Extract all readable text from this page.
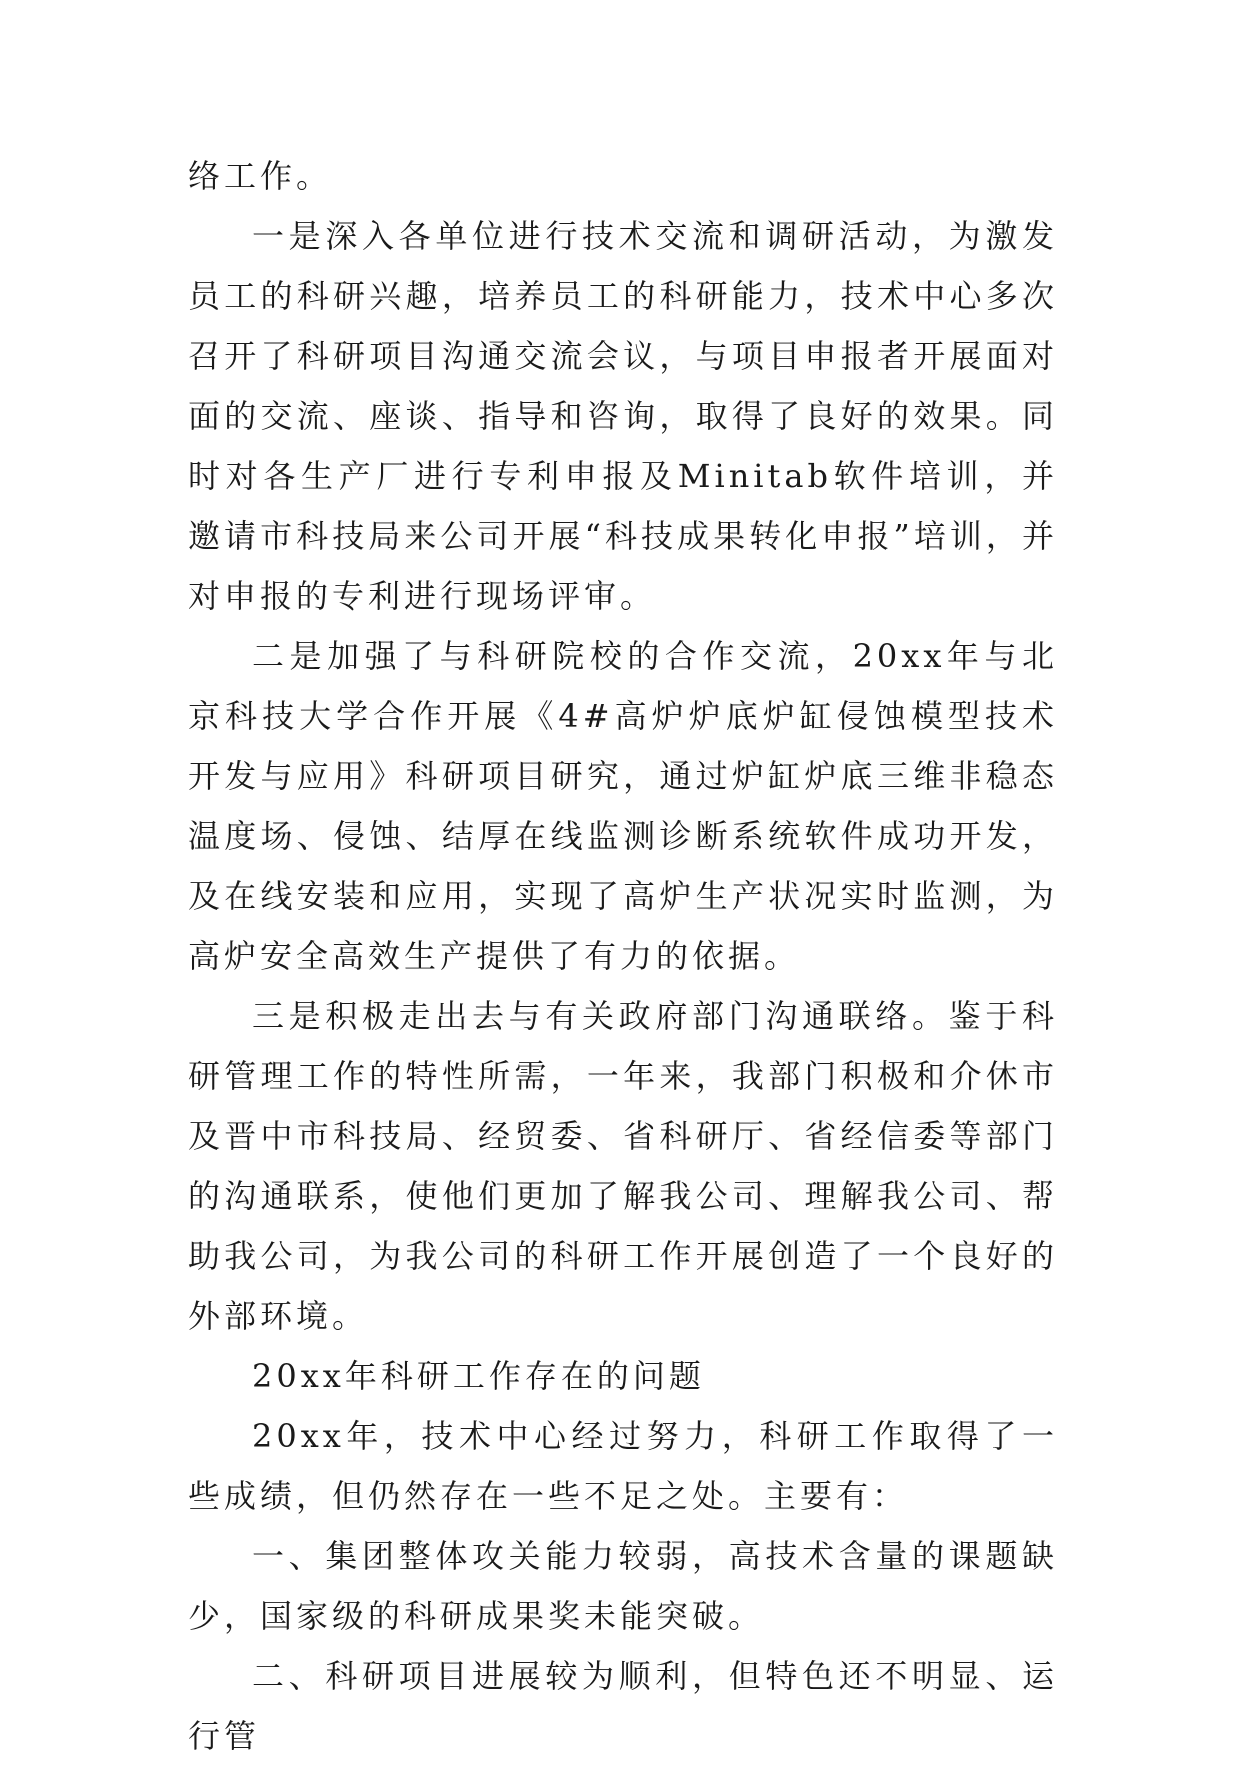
络工作。

一是深入各单位进行技术交流和调研活动，为激发员工的科研兴趣，培养员工的科研能力，技术中心多次召开了科研项目沟通交流会议，与项目申报者开展面对面的交流、座谈、指导和咨询，取得了良好的效果。同时对各生产厂进行专利申报及Minitab软件培训，并邀请市科技局来公司开展“科技成果转化申报”培训，并对申报的专利进行现场评审。

二是加强了与科研院校的合作交流，20xx年与北京科技大学合作开展《4#高炉炉底炉缸侵蚀模型技术开发与应用》科研项目研究，通过炉缸炉底三维非稳态温度场、侵蚀、结厚在线监测诊断系统软件成功开发，及在线安装和应用，实现了高炉生产状况实时监测，为高炉安全高效生产提供了有力的依据。

三是积极走出去与有关政府部门沟通联络。鉴于科研管理工作的特性所需，一年来，我部门积极和介休市及晋中市科技局、经贸委、省科研厅、省经信委等部门的沟通联系，使他们更加了解我公司、理解我公司、帮助我公司，为我公司的科研工作开展创造了一个良好的外部环境。

20xx年科研工作存在的问题

20xx年，技术中心经过努力，科研工作取得了一些成绩，但仍然存在一些不足之处。主要有：

一、集团整体攻关能力较弱，高技术含量的课题缺少，国家级的科研成果奖未能突破。

二、科研项目进展较为顺利，但特色还不明显、运行管
